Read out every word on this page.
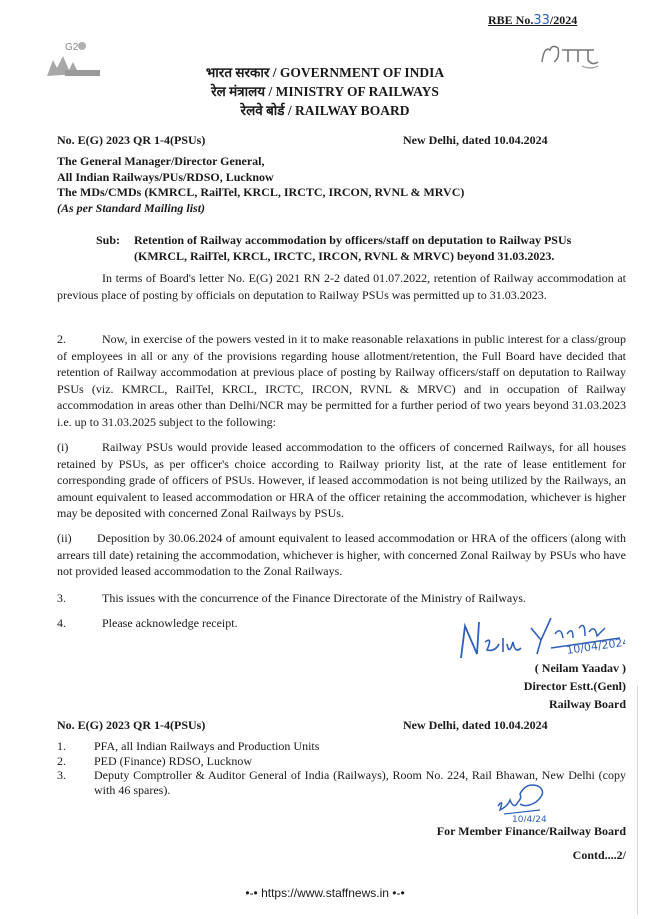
RBE No.33/2024
G2
भारत सरकार / GOVERNMENT OF INDIA
रेल मंत्रालय / MINISTRY OF RAILWAYS
रेलवे बोर्ड / RAILWAY BOARD
No. E(G) 2023 QR 1-4(PSUs)	New Delhi, dated 10.04.2024
The General Manager/Director General,
All Indian Railways/PUs/RDSO, Lucknow
The MDs/CMDs (KMRCL, RailTel, KRCL, IRCTC, IRCON, RVNL & MRVC)
(As per Standard Mailing list)
Sub: Retention of Railway accommodation by officers/staff on deputation to Railway PSUs (KMRCL, RailTel, KRCL, IRCTC, IRCON, RVNL & MRVC) beyond 31.03.2023.
In terms of Board's letter No. E(G) 2021 RN 2-2 dated 01.07.2022, retention of Railway accommodation at previous place of posting by officials on deputation to Railway PSUs was permitted up to 31.03.2023.
2.	Now, in exercise of the powers vested in it to make reasonable relaxations in public interest for a class/group of employees in all or any of the provisions regarding house allotment/retention, the Full Board have decided that retention of Railway accommodation at previous place of posting by Railway officers/staff on deputation to Railway PSUs (viz. KMRCL, RailTel, KRCL, IRCTC, IRCON, RVNL & MRVC) and in occupation of Railway accommodation in areas other than Delhi/NCR may be permitted for a further period of two years beyond 31.03.2023 i.e. up to 31.03.2025 subject to the following:
(i)	Railway PSUs would provide leased accommodation to the officers of concerned Railways, for all houses retained by PSUs, as per officer's choice according to Railway priority list, at the rate of lease entitlement for corresponding grade of officers of PSUs. However, if leased accommodation is not being utilized by the Railways, an amount equivalent to leased accommodation or HRA of the officer retaining the accommodation, whichever is higher may be deposited with concerned Zonal Railways by PSUs.
(ii) Deposition by 30.06.2024 of amount equivalent to leased accommodation or HRA of the officers (along with arrears till date) retaining the accommodation, whichever is higher, with concerned Zonal Railway by PSUs who have not provided leased accommodation to the Zonal Railways.
3.	This issues with the concurrence of the Finance Directorate of the Ministry of Railways.
4.	Please acknowledge receipt.
10/04/2024
( Neilam Yaadav )
Director Estt.(Genl)
Railway Board
No. E(G) 2023 QR 1-4(PSUs)	New Delhi, dated 10.04.2024
1.	PFA, all Indian Railways and Production Units
2.	PED (Finance) RDSO, Lucknow
3.	Deputy Comptroller & Auditor General of India (Railways), Room No. 224, Rail Bhawan, New Delhi (copy with 46 spares).
10/4/24
For Member Finance/Railway Board
Contd....2/
•-• https://www.staffnews.in •-•
